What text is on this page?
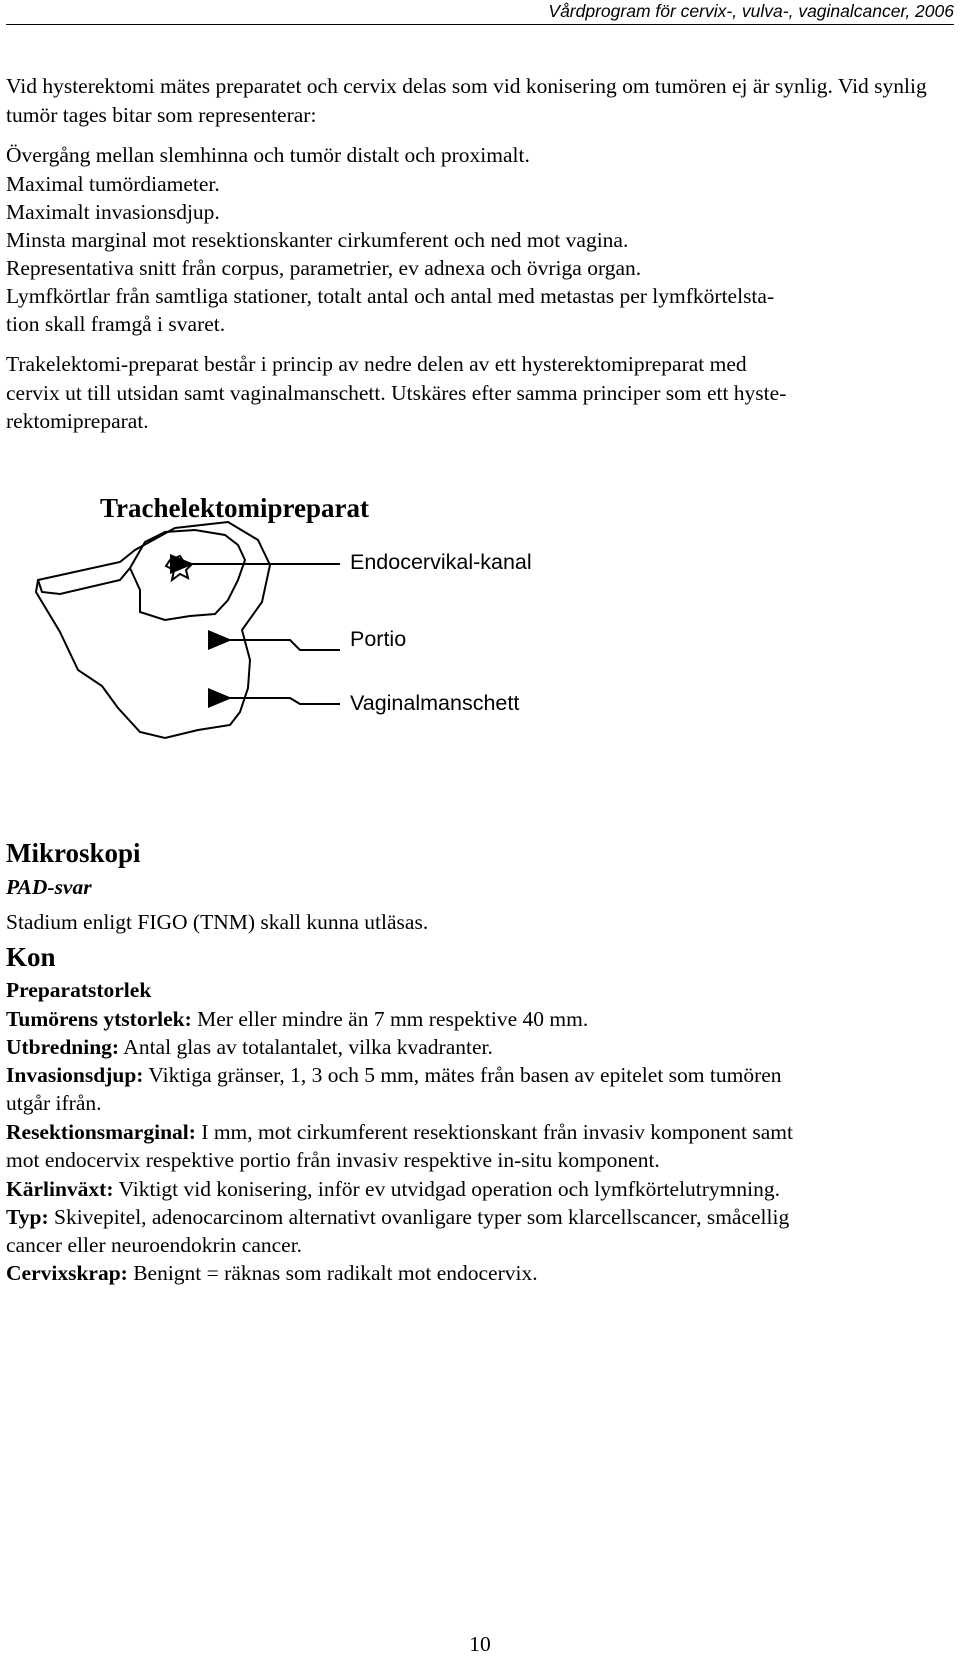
Vårdprogram för cervix-, vulva-, vaginalcancer, 2006
Vid hysterektomi mätes preparatet och cervix delas som vid konisering om tumören ej är synlig. Vid synlig tumör tages bitar som representerar:
Övergång mellan slemhinna och tumör distalt och proximalt.
Maximal tumördiameter.
Maximalt invasionsdjup.
Minsta marginal mot resektionskanter cirkumferent och ned mot vagina.
Representativa snitt från corpus, parametrier, ev adnexa och övriga organ.
Lymfkörtlar från samtliga stationer, totalt antal och antal med metastas per lymfkörtelsta-
tion skall framgå i svaret.
Trakelektomi-preparat består i princip av nedre delen av ett hysterektomipreparat med
cervix ut till utsidan samt vaginalmanschett. Utskäres efter samma principer som ett hyste-
rektomipreparat.
Trachelektomipreparat
Endocervikal-kanal
Portio
Vaginalmanschett
Mikroskopi
PAD-svar
Stadium enligt FIGO (TNM) skall kunna utläsas.
Kon
Preparatstorlek
Tumörens ytstorlek: Mer eller mindre än 7 mm respektive 40 mm.
Utbredning: Antal glas av totalantalet, vilka kvadranter.
Invasionsdjup: Viktiga gränser, 1, 3 och 5 mm, mätes från basen av epitelet som tumören
utgår ifrån.
Resektionsmarginal: I mm, mot cirkumferent resektionskant från invasiv komponent samt
mot endocervix respektive portio från invasiv respektive in-situ komponent.
Kärlinväxt: Viktigt vid konisering, inför ev utvidgad operation och lymfkörtelutrymning.
Typ: Skivepitel, adenocarcinom alternativt ovanligare typer som klarcellscancer, småcellig
cancer eller neuroendokrin cancer.
Cervixskrap: Benignt = räknas som radikalt mot endocervix.
10
